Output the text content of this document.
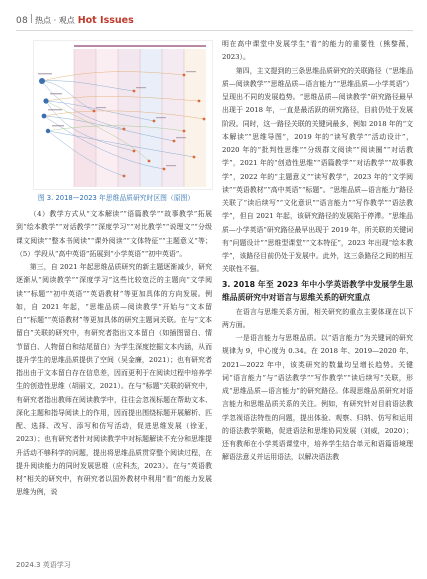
08 热点 · 观点 Hot Issues
图 3. 2018—2023 年思维品质研究时区图（原图）

（4）教学方式从“文本解读”“语篇教学”“故事教学”拓展到“绘本教学”“对话教学”“深度学习”“对比教学”“说理文”“分级课文阅读”“整本书阅读”“课外阅读”“文体特征”“主题意义”等；（5）学段从“高中英语”拓展到“小学英语”“初中英语”。

第三，自 2021 年起思维品质研究的新主题逐渐减少，研究逐渐从“阅读教学”“深度学习”这些比较宽泛的主题向“文学阅读”“标题”“初中英语”“英语教材”等更加具体的方向发展。例如，自 2021 年起，“思维品质—阅读教学”开始与“文本留白”“标题”“英语教材”等更加具体的研究主题词关联。在与“文本留白”关联的研究中，有研究者指出文本留白（如插图留白、情节留白、人物留白和结尾留白）为学生深度挖掘文本内涵，从而提升学生的思维品质提供了空间（吴金廉，2021）；也有研究者指出由于文本留白存在信息差，因而更利于在阅读过程中培养学生的创造性思维（胡丽文，2021）。在与“标题”关联的研究中，有研究者指出教师在阅读教学中，往往会忽视标题在帮助文本、深化主题和指导阅读上的作用，因而提出围绕标题开展解析、匹配、选择、改写、添写和仿写活动，促进思维发展（徐亚，2023）；也有研究者针对阅读教学中对标题解读不充分和思维提升活动不够科学的问题，提出将思维品质贯穿整个阅读过程，在提升阅读能力的同时发展思维（应科杰，2023）。在与“英语教材”相关的研究中，有研究者以国外教材中利用“看”的能力发展思维为例，说

明在高中课堂中发展学生“看”的能力的重要性（熊黎薇，2023）。

第四，主文提到的三条思维品质研究的关联路径（“思维品质—阅读教学”“思维品质—语言能力”“思维品质—小学英语”）呈现出不同的发展趋势。“思维品质—阅读教学”研究路径最早出现于 2018 年，一直是最活跃的研究路径，目前仍处于发展阶段。同时，这一路径关联的关键词最多，例如 2018 年的“文本解读”“思维导图”，2019 年的“读写教学”“活动设计”，2020 年的“批判性思维”“分级群文阅读”“阅读圈”“对话教学”，2021 年的“创造性思维”“语篇教学”“对话教学”“故事教学”，2022 年的“主题意义”“读写教学”，2023 年的“文学阅读”“英语教材”“高中英语”“标题”。“思维品质—语言能力”路径关联了“读后续写”“文化意识”“语言能力”“写作教学”“语法教学”，但自 2021 年起，该研究路径的发展陷于停滞。“思维品质—小学英语”研究路径最早出现于 2019 年，所关联的关键词有“问题设计”“思维型课堂”“文本特征”，2023 年出现“绘本教学”，该路径目前仍处于发展中。此外，这三条路径之间的相互关联性不强。

3. 2018 年至 2023 年中小学英语教学中发展学生思维品质研究中对语言与思维关系的研究重点

在语言与思维关系方面，相关研究的重点主要体现在以下两方面。

一是语言能力与思维品质。以“语言能力”为关键词的研究规律为 9，中心度为 0.34。在 2018 年、2019—2020 年、2021—2022 年中，该类研究的数量均呈增长趋势。关键词“语言能力”与“语法教学”“写作教学”“读后续写”关联，形成“思维品质—语言能力”的研究路径。体现思维品质研究对语言能力和思维品质关系的关注。例如，有研究针对目前语法教学忽视语法特性的问题，提出体验、观察、归纳、仿写和运用的语法教学策略，促进语法和思维协同发展（刘威，2020）；还有教师在小学英语课堂中，培养学生结合单元和语篇语境理解语法意义并运用语法，以解决语法教

2024.3 英语学习
